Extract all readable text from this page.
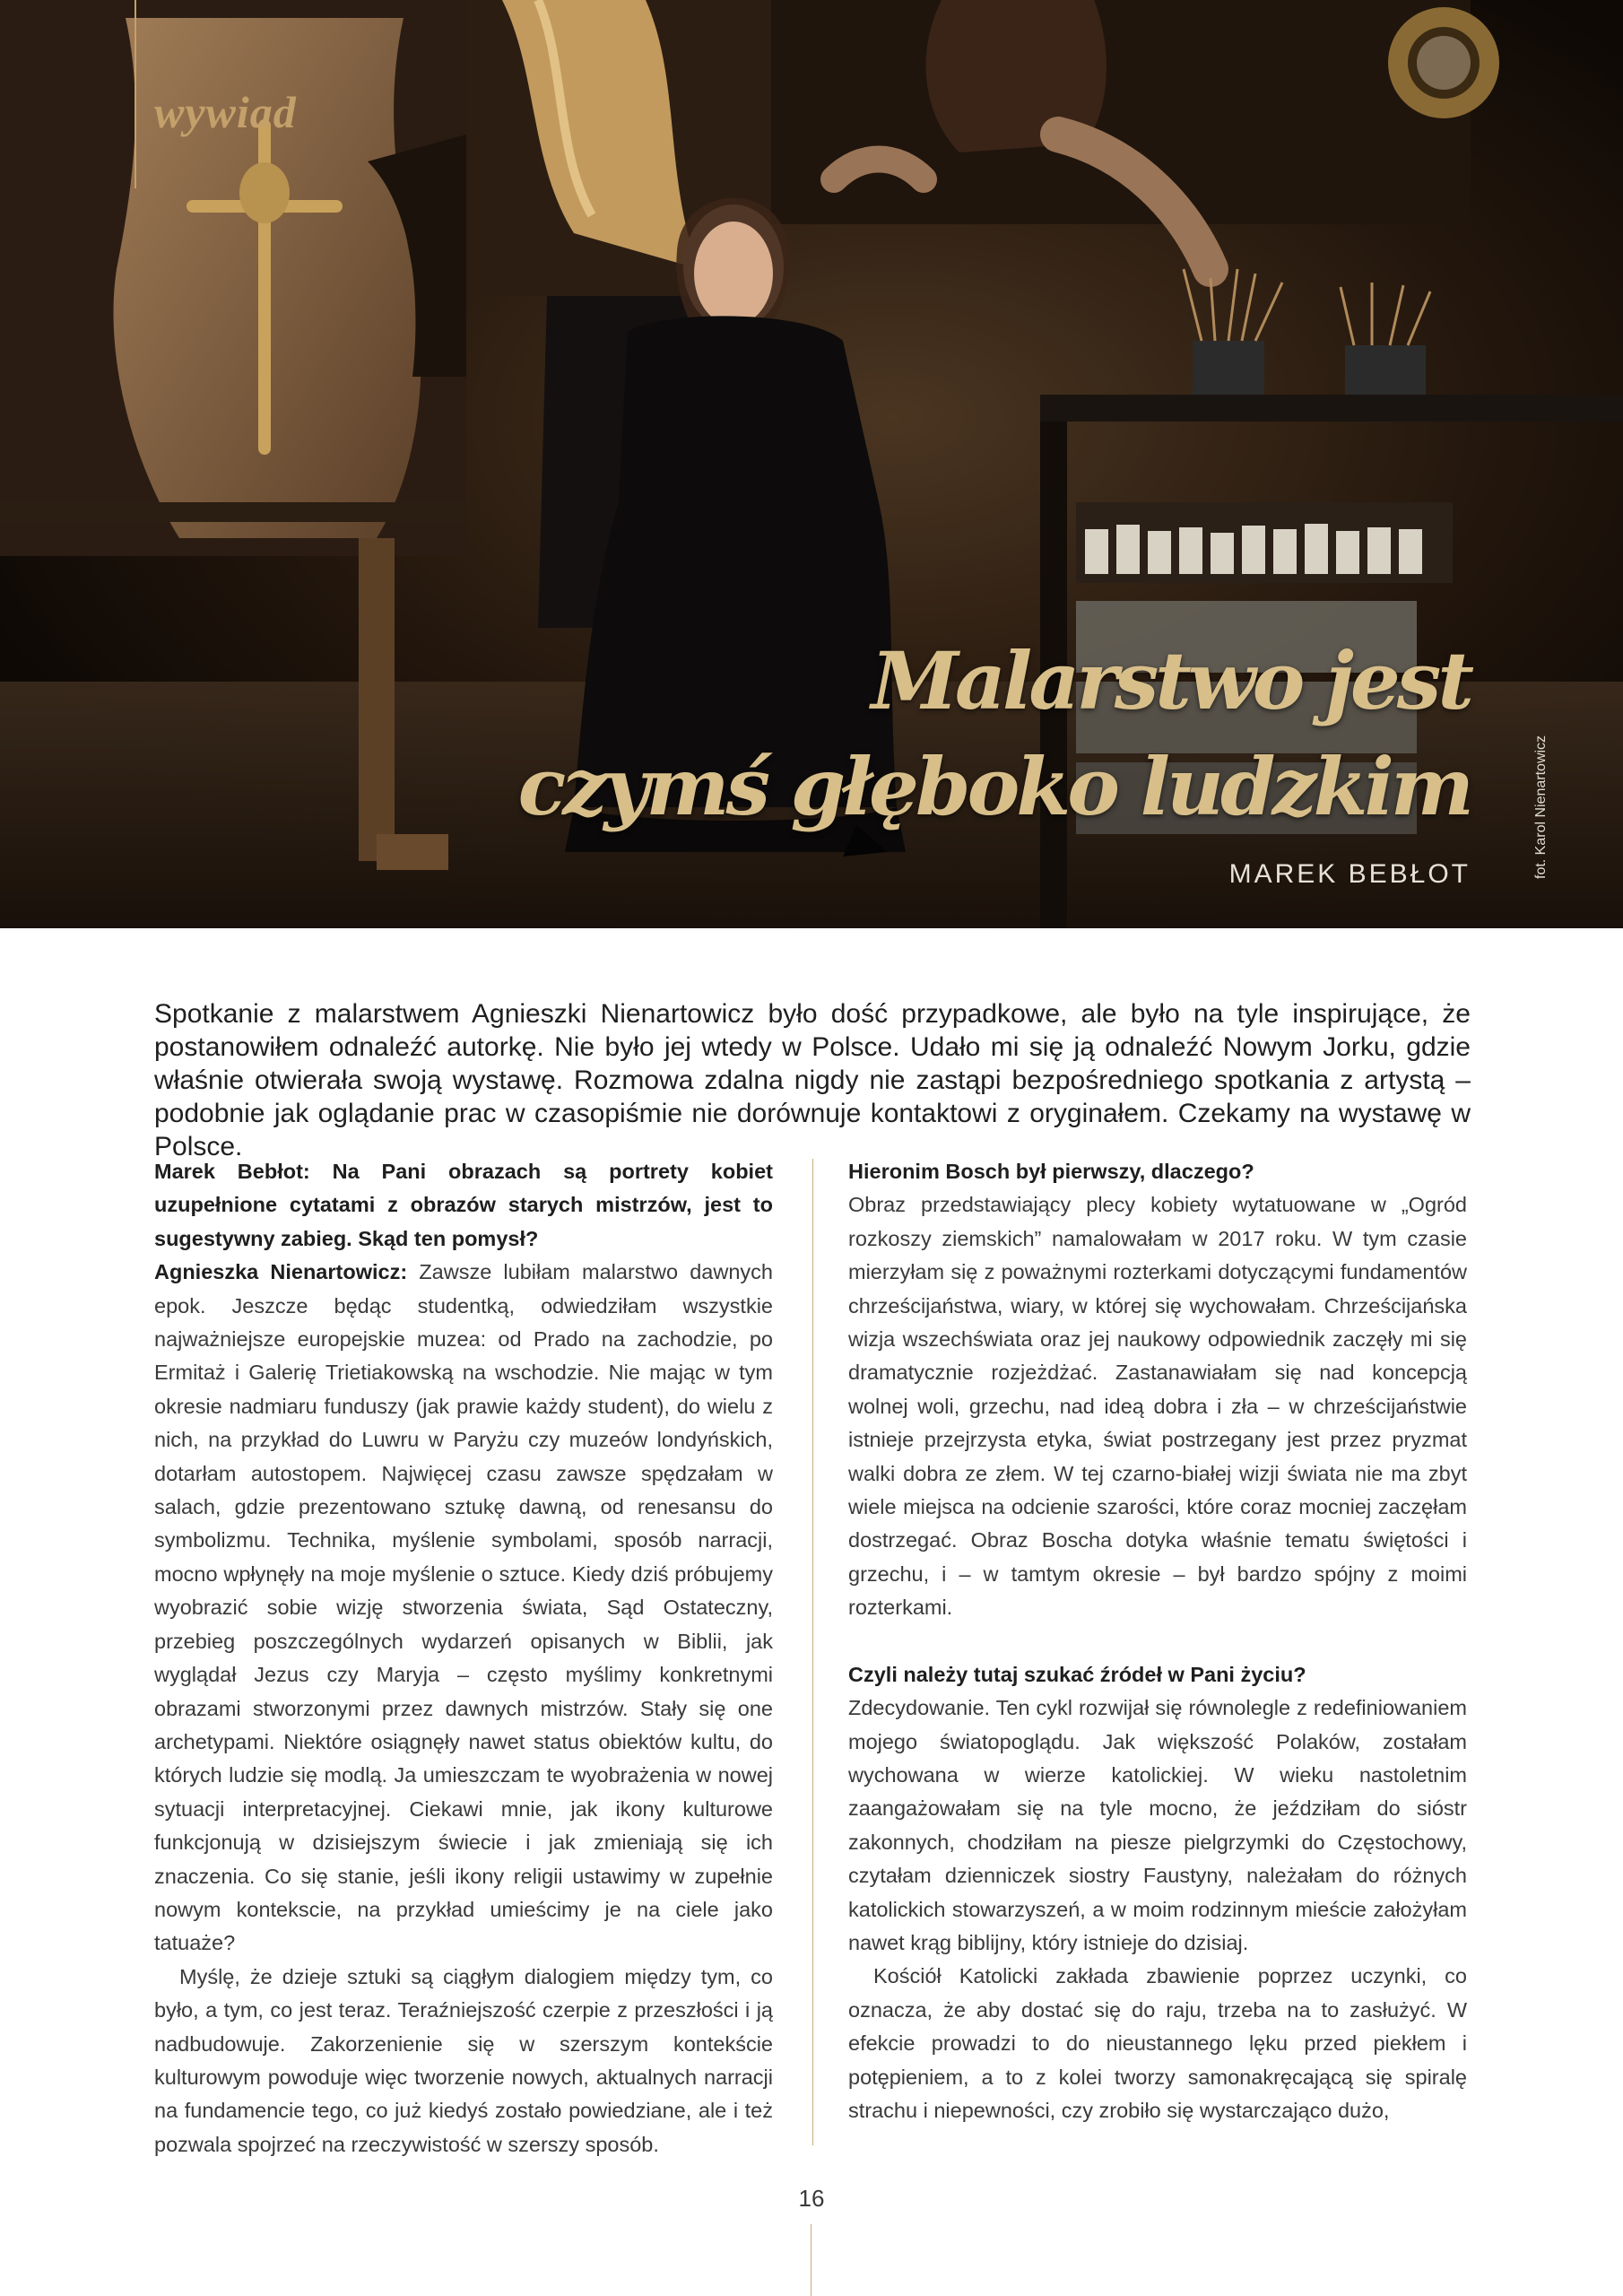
wywiad
Malarstwo jest
czymś głęboko ludzkim
MAREK BEBŁOT	fot. Karol Nienartowicz

Spotkanie z malarstwem Agnieszki Nienartowicz było dość przypadkowe, ale było na tyle inspirujące, że postanowiłem odnaleźć autorkę. Nie było jej wtedy w Polsce. Udało mi się ją odnaleźć Nowym Jorku, gdzie właśnie otwierała swoją wystawę. Rozmowa zdalna nigdy nie zastąpi bezpośredniego spotkania z artystą – podobnie jak oglądanie prac w czasopiśmie nie dorównuje kontaktowi z oryginałem. Czekamy na wystawę w Polsce.

Marek Bebłot: Na Pani obrazach są portrety kobiet uzupełnione cytatami z obrazów starych mistrzów, jest to sugestywny zabieg. Skąd ten pomysł?

Agnieszka Nienartowicz: Zawsze lubiłam malarstwo dawnych epok. Jeszcze będąc studentką, odwiedziłam wszystkie najważniejsze europejskie muzea: od Prado na zachodzie, po Ermitaż i Galerię Trietiakowską na wschodzie. Nie mając w tym okresie nadmiaru funduszy (jak prawie każdy student), do wielu z nich, na przykład do Luwru w Paryżu czy muzeów londyńskich, dotarłam autostopem. Najwięcej czasu zawsze spędzałam w salach, gdzie prezentowano sztukę dawną, od renesansu do symbolizmu. Technika, myślenie symbolami, sposób narracji, mocno wpłynęły na moje myślenie o sztuce. Kiedy dziś próbujemy wyobrazić sobie wizję stworzenia świata, Sąd Ostateczny, przebieg poszczególnych wydarzeń opisanych w Biblii, jak wyglądał Jezus czy Maryja – często myślimy konkretnymi obrazami stworzonymi przez dawnych mistrzów. Stały się one archetypami. Niektóre osiągnęły nawet status obiektów kultu, do których ludzie się modlą. Ja umieszczam te wyobrażenia w nowej sytuacji interpretacyjnej. Ciekawi mnie, jak ikony kulturowe funkcjonują w dzisiejszym świecie i jak zmieniają się ich znaczenia. Co się stanie, jeśli ikony religii ustawimy w zupełnie nowym kontekscie, na przykład umieścimy je na ciele jako tatuaże?

Myślę, że dzieje sztuki są ciągłym dialogiem między tym, co było, a tym, co jest teraz. Teraźniejszość czerpie z przeszłości i ją nadbudowuje. Zakorzenienie się w szerszym kontekście kulturowym powoduje więc tworzenie nowych, aktualnych narracji na fundamencie tego, co już kiedyś zostało powiedziane, ale i też pozwala spojrzeć na rzeczywistość w szerszy sposób.

Hieronim Bosch był pierwszy, dlaczego?

Obraz przedstawiający plecy kobiety wytatuowane w „Ogród rozkoszy ziemskich” namalowałam w 2017 roku. W tym czasie mierzyłam się z poważnymi rozterkami dotyczącymi fundamentów chrześcijaństwa, wiary, w której się wychowałam. Chrześcijańska wizja wszechświata oraz jej naukowy odpowiednik zaczęły mi się dramatycznie rozjeżdżać. Zastanawiałam się nad koncepcją wolnej woli, grzechu, nad ideą dobra i zła – w chrześcijaństwie istnieje przejrzysta etyka, świat postrzegany jest przez pryzmat walki dobra ze złem. W tej czarno-białej wizji świata nie ma zbyt wiele miejsca na odcienie szarości, które coraz mocniej zaczęłam dostrzegać. Obraz Boscha dotyka właśnie tematu świętości i grzechu, i – w tamtym okresie – był bardzo spójny z moimi rozterkami.

Czyli należy tutaj szukać źródeł w Pani życiu?

Zdecydowanie. Ten cykl rozwijał się równolegle z redefiniowaniem mojego światopoglądu. Jak większość Polaków, zostałam wychowana w wierze katolickiej. W wieku nastoletnim zaangażowałam się na tyle mocno, że jeździłam do sióstr zakonnych, chodziłam na piesze pielgrzymki do Częstochowy, czytałam dzienniczek siostry Faustyny, należałam do różnych katolickich stowarzyszeń, a w moim rodzinnym mieście założyłam nawet krąg biblijny, który istnieje do dzisiaj.

Kościół Katolicki zakłada zbawienie poprzez uczynki, co oznacza, że aby dostać się do raju, trzeba na to zasłużyć. W efekcie prowadzi to do nieustannego lęku przed piekłem i potępieniem, a to z kolei tworzy samonakręcającą się spiralę strachu i niepewności, czy zrobiło się wystarczająco dużo,

16
